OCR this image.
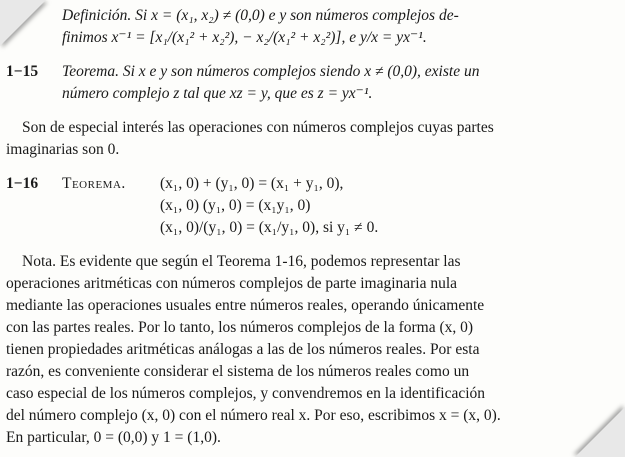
Definición. Si x = (x₁, x₂) ≠ (0,0) e y son números complejos de-
finimos x⁻¹ = [x₁/(x₁² + x₂²), − x₂/(x₁² + x₂²)], e y/x = yx⁻¹.
1−15 Teorema. Si x e y son números complejos siendo x ≠ (0,0), existe un
número complejo z tal que xz = y, que es z = yx⁻¹.
Son de especial interés las operaciones con números complejos cuyas partes
imaginarias son 0.
1−16 Teorema. (x₁, 0) + (y₁, 0) = (x₁ + y₁, 0),
(x₁, 0) (y₁, 0) = (x₁y₁, 0)
(x₁, 0)/(y₁, 0) = (x₁/y₁, 0), si y₁ ≠ 0.
Nota. Es evidente que según el Teorema 1-16, podemos representar las
operaciones aritméticas con números complejos de parte imaginaria nula
mediante las operaciones usuales entre números reales, operando únicamente
con las partes reales. Por lo tanto, los números complejos de la forma (x, 0)
tienen propiedades aritméticas análogas a las de los números reales. Por esta
razón, es conveniente considerar el sistema de los números reales como un
caso especial de los números complejos, y convendremos en la identificación
del número complejo (x, 0) con el número real x. Por eso, escribimos x = (x, 0).
En particular, 0 = (0,0) y 1 = (1,0).
